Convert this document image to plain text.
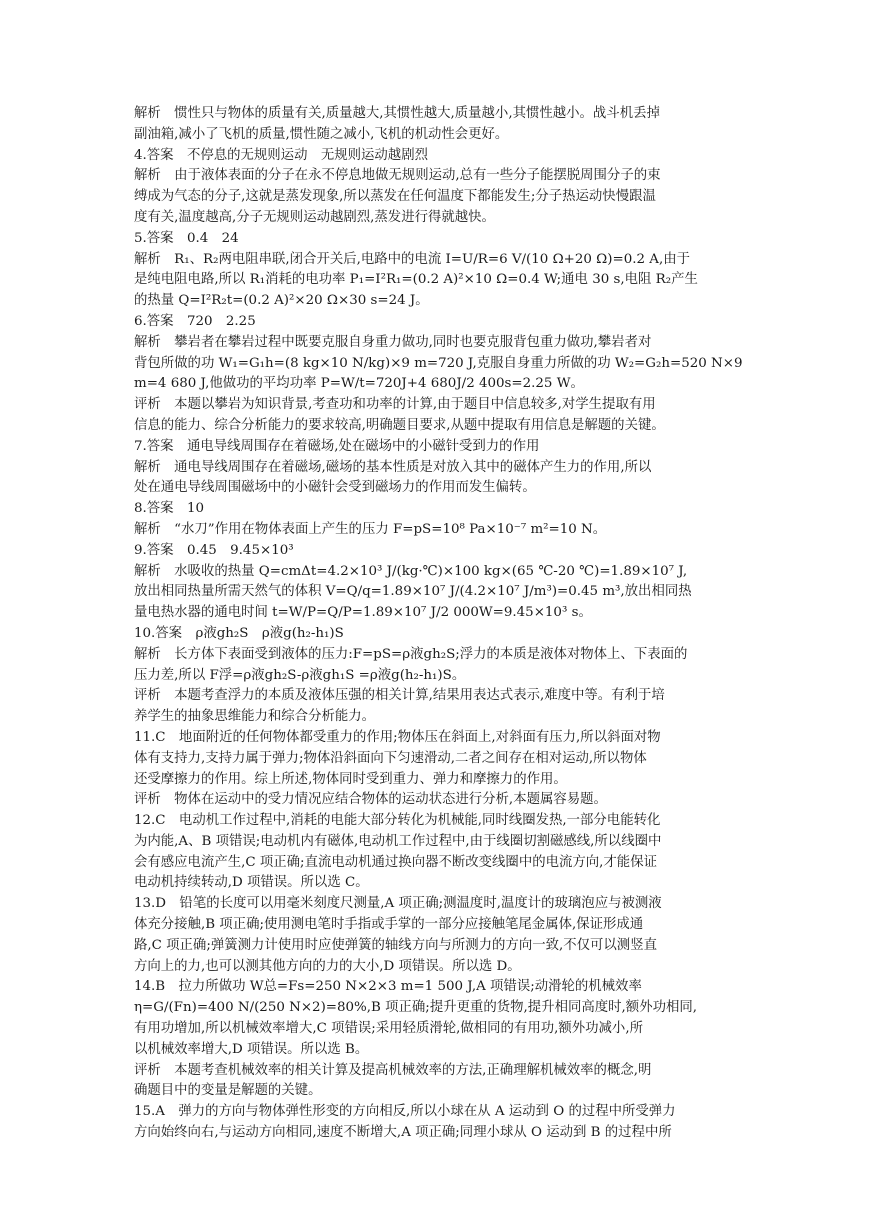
解析　惯性只与物体的质量有关,质量越大,其惯性越大,质量越小,其惯性越小。战斗机丢掉
副油箱,减小了飞机的质量,惯性随之减小,飞机的机动性会更好。
4.答案　不停息的无规则运动　无规则运动越剧烈
解析　由于液体表面的分子在永不停息地做无规则运动,总有一些分子能摆脱周围分子的束
缚成为气态的分子,这就是蒸发现象,所以蒸发在任何温度下都能发生;分子热运动快慢跟温
度有关,温度越高,分子无规则运动越剧烈,蒸发进行得就越快。
5.答案　0.4　24
解析　R₁、R₂两电阻串联,闭合开关后,电路中的电流 I=U/R=6 V/(10 Ω+20 Ω)=0.2 A,由于
是纯电阻电路,所以 R₁消耗的电功率 P₁=I²R₁=(0.2 A)²×10 Ω=0.4 W;通电 30 s,电阻 R₂产生
的热量 Q=I²R₂t=(0.2 A)²×20 Ω×30 s=24 J。
6.答案　720　2.25
解析　攀岩者在攀岩过程中既要克服自身重力做功,同时也要克服背包重力做功,攀岩者对
背包所做的功 W₁=G₁h=(8 kg×10 N/kg)×9 m=720 J,克服自身重力所做的功 W₂=G₂h=520 N×9
m=4 680 J,他做功的平均功率 P=W/t=720J+4 680J/2 400s=2.25 W。
评析　本题以攀岩为知识背景,考查功和功率的计算,由于题目中信息较多,对学生提取有用
信息的能力、综合分析能力的要求较高,明确题目要求,从题中提取有用信息是解题的关键。
7.答案　通电导线周围存在着磁场,处在磁场中的小磁针受到力的作用
解析　通电导线周围存在着磁场,磁场的基本性质是对放入其中的磁体产生力的作用,所以
处在通电导线周围磁场中的小磁针会受到磁场力的作用而发生偏转。
8.答案　10
解析　“水刀”作用在物体表面上产生的压力 F=pS=10⁸ Pa×10⁻⁷ m²=10 N。
9.答案　0.45　9.45×10³
解析　水吸收的热量 Q=cmΔt=4.2×10³ J/(kg·℃)×100 kg×(65 ℃-20 ℃)=1.89×10⁷ J,
放出相同热量所需天然气的体积 V=Q/q=1.89×10⁷ J/(4.2×10⁷ J/m³)=0.45 m³,放出相同热
量电热水器的通电时间 t=W/P=Q/P=1.89×10⁷ J/2 000W=9.45×10³ s。
10.答案　ρ液gh₂S　ρ液g(h₂-h₁)S
解析　长方体下表面受到液体的压力:F=pS=ρ液gh₂S;浮力的本质是液体对物体上、下表面的
压力差,所以 F浮=ρ液gh₂S-ρ液gh₁S =ρ液g(h₂-h₁)S。
评析　本题考查浮力的本质及液体压强的相关计算,结果用表达式表示,难度中等。有利于培
养学生的抽象思维能力和综合分析能力。
11.C　地面附近的任何物体都受重力的作用;物体压在斜面上,对斜面有压力,所以斜面对物
体有支持力,支持力属于弹力;物体沿斜面向下匀速滑动,二者之间存在相对运动,所以物体
还受摩擦力的作用。综上所述,物体同时受到重力、弹力和摩擦力的作用。
评析　物体在运动中的受力情况应结合物体的运动状态进行分析,本题属容易题。
12.C　电动机工作过程中,消耗的电能大部分转化为机械能,同时线圈发热,一部分电能转化
为内能,A、B 项错误;电动机内有磁体,电动机工作过程中,由于线圈切割磁感线,所以线圈中
会有感应电流产生,C 项正确;直流电动机通过换向器不断改变线圈中的电流方向,才能保证
电动机持续转动,D 项错误。所以选 C。
13.D　铅笔的长度可以用毫米刻度尺测量,A 项正确;测温度时,温度计的玻璃泡应与被测液
体充分接触,B 项正确;使用测电笔时手指或手掌的一部分应接触笔尾金属体,保证形成通
路,C 项正确;弹簧测力计使用时应使弹簧的轴线方向与所测力的方向一致,不仅可以测竖直
方向上的力,也可以测其他方向的力的大小,D 项错误。所以选 D。
14.B　拉力所做功 W总=Fs=250 N×2×3 m=1 500 J,A 项错误;动滑轮的机械效率
η=G/(Fn)=400 N/(250 N×2)=80%,B 项正确;提升更重的货物,提升相同高度时,额外功相同,
有用功增加,所以机械效率增大,C 项错误;采用轻质滑轮,做相同的有用功,额外功减小,所
以机械效率增大,D 项错误。所以选 B。
评析　本题考查机械效率的相关计算及提高机械效率的方法,正确理解机械效率的概念,明
确题目中的变量是解题的关键。
15.A　弹力的方向与物体弹性形变的方向相反,所以小球在从 A 运动到 O 的过程中所受弹力
方向始终向右,与运动方向相同,速度不断增大,A 项正确;同理小球从 O 运动到 B 的过程中所
